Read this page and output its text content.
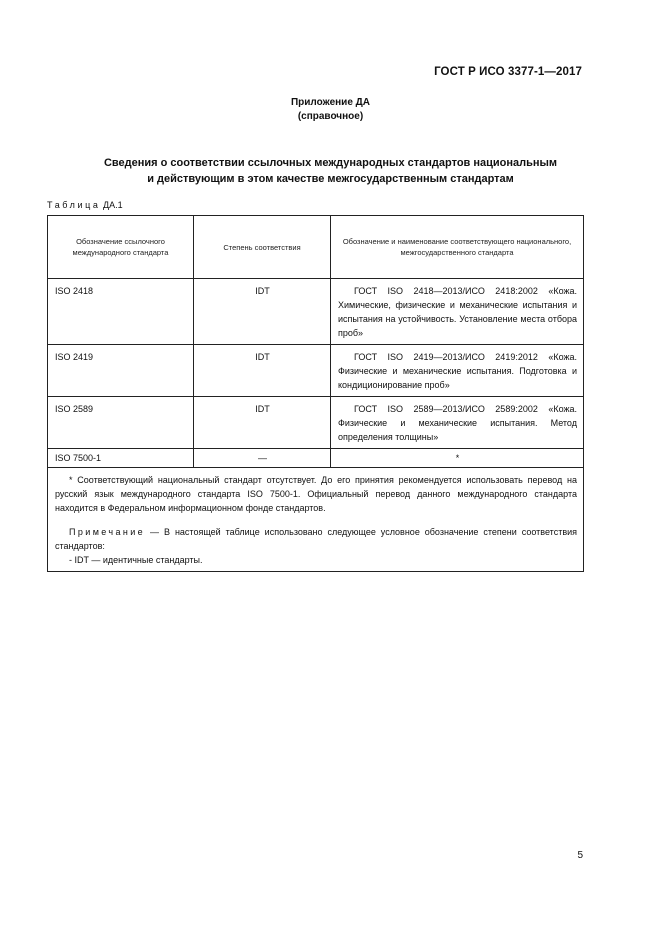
ГОСТ Р ИСО 3377-1—2017
Приложение ДА
(справочное)
Сведения о соответствии ссылочных международных стандартов национальным
и действующим в этом качестве межгосударственным стандартам
Таблица ДА.1
Обозначение ссылочного международного стандарта	Степень соответствия	Обозначение и наименование соответствующего национального, межгосударственного стандарта
ISO 2418	IDT	ГОСТ ISO 2418—2013/ИСО 2418:2002 «Кожа. Химические, физические и механические испытания и испытания на устойчивость. Установление места отбора проб»
ISO 2419	IDT	ГОСТ ISO 2419—2013/ИСО 2419:2012 «Кожа. Физические и механические испытания. Подготовка и кондиционирование проб»
ISO 2589	IDT	ГОСТ ISO 2589—2013/ИСО 2589:2002 «Кожа. Физические и механические испытания. Метод определения толщины»
ISO 7500-1	—	*

* Соответствующий национальный стандарт отсутствует. До его принятия рекомендуется использовать перевод на русский язык международного стандарта ISO 7500-1. Официальный перевод данного международного стандарта находится в Федеральном информационном фонде стандартов.

Примечание — В настоящей таблице использовано следующее условное обозначение степени соответствия стандартов:

- IDT — идентичные стандарты.		

5
